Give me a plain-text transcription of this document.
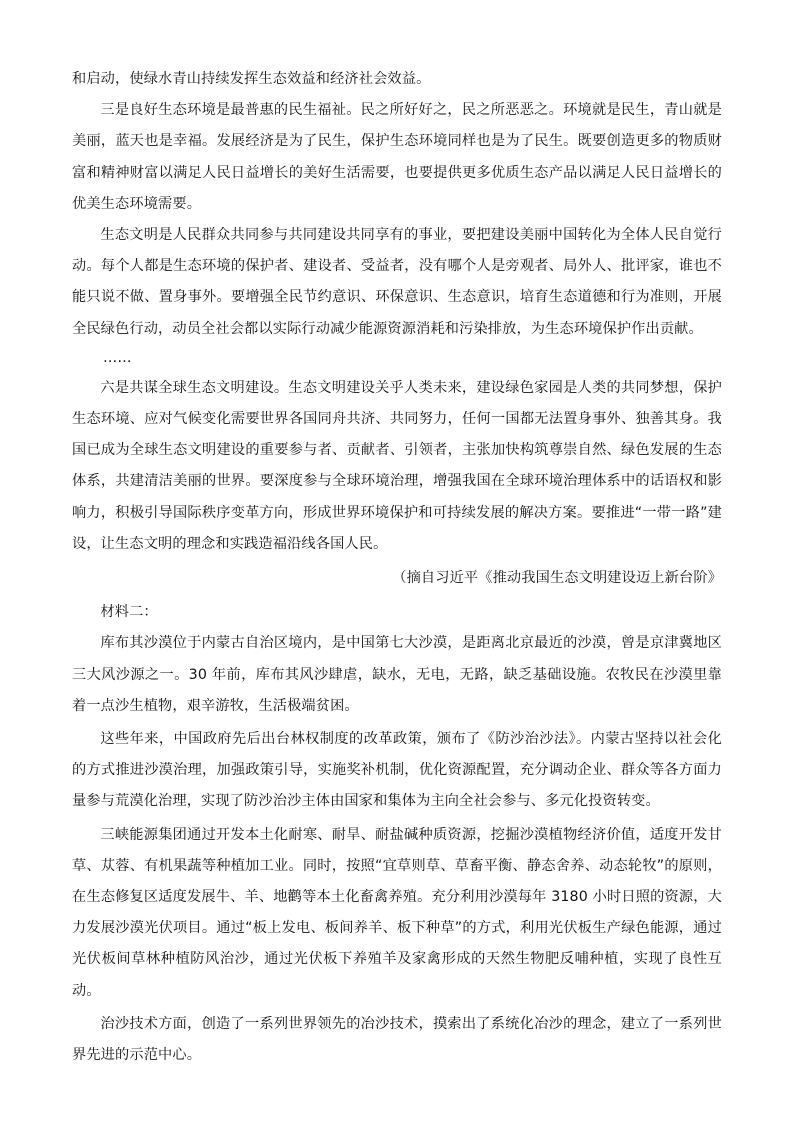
和启动，使绿水青山持续发挥生态效益和经济社会效益。

三是良好生态环境是最普惠的民生福祉。民之所好好之，民之所恶恶之。环境就是民生，青山就是美丽，蓝天也是幸福。发展经济是为了民生，保护生态环境同样也是为了民生。既要创造更多的物质财富和精神财富以满足人民日益增长的美好生活需要，也要提供更多优质生态产品以满足人民日益增长的优美生态环境需要。

生态文明是人民群众共同参与共同建设共同享有的事业，要把建设美丽中国转化为全体人民自觉行动。每个人都是生态环境的保护者、建设者、受益者，没有哪个人是旁观者、局外人、批评家，谁也不能只说不做、置身事外。要增强全民节约意识、环保意识、生态意识，培育生态道德和行为准则，开展全民绿色行动，动员全社会都以实际行动减少能源资源消耗和污染排放，为生态环境保护作出贡献。

……

六是共谋全球生态文明建设。生态文明建设关乎人类未来，建设绿色家园是人类的共同梦想，保护生态环境、应对气候变化需要世界各国同舟共济、共同努力，任何一国都无法置身事外、独善其身。我国已成为全球生态文明建设的重要参与者、贡献者、引领者，主张加快构筑尊崇自然、绿色发展的生态体系，共建清洁美丽的世界。要深度参与全球环境治理，增强我国在全球环境治理体系中的话语权和影响力，积极引导国际秩序变革方向，形成世界环境保护和可持续发展的解决方案。要推进“一带一路”建设，让生态文明的理念和实践造福沿线各国人民。

（摘自习近平《推动我国生态文明建设迈上新台阶》

材料二：

库布其沙漠位于内蒙古自治区境内，是中国第七大沙漠，是距离北京最近的沙漠，曾是京津冀地区三大风沙源之一。30 年前，库布其风沙肆虐，缺水，无电，无路，缺乏基础设施。农牧民在沙漠里靠着一点沙生植物，艰辛游牧，生活极端贫困。

这些年来，中国政府先后出台林权制度的改革政策，颁布了《防沙治沙法》。内蒙古坚持以社会化的方式推进沙漠治理，加强政策引导，实施奖补机制，优化资源配置，充分调动企业、群众等各方面力量参与荒漠化治理，实现了防沙治沙主体由国家和集体为主向全社会参与、多元化投资转变。

三峡能源集团通过开发本土化耐寒、耐旱、耐盐碱种质资源，挖掘沙漠植物经济价值，适度开发甘草、苁蓉、有机果蔬等种植加工业。同时，按照“宜草则草、草畜平衡、静态舍养、动态轮牧”的原则，在生态修复区适度发展牛、羊、地鹳等本土化畜禽养殖。充分利用沙漠每年 3180 小时日照的资源，大力发展沙漠光伏项目。通过“板上发电、板间养羊、板下种草”的方式，利用光伏板生产绿色能源，通过光伏板间草林种植防风治沙，通过光伏板下养殖羊及家禽形成的天然生物肥反哺种植，实现了良性互动。

治沙技术方面，创造了一系列世界领先的冶沙技术，摸索出了系统化冶沙的理念，建立了一系列世界先进的示范中心。
